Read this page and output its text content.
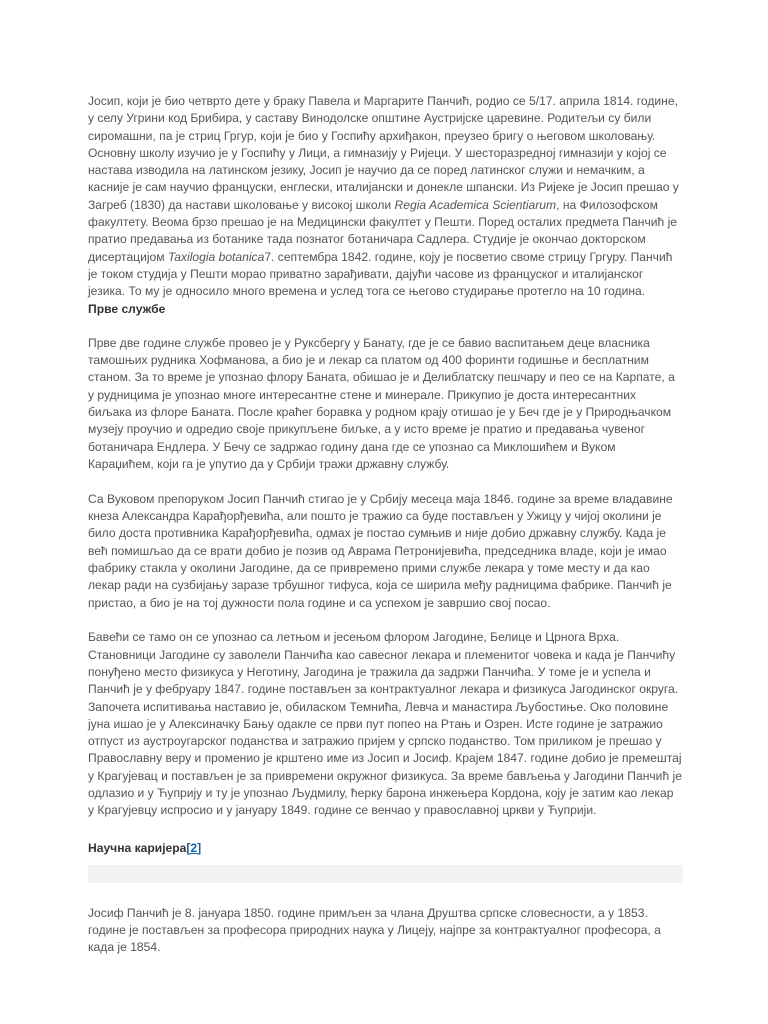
Јосип, који је био четврто дете у браку Павела и Маргарите Панчић, родио се 5/17. априла 1814. године, у селу Угрини код Брибира, у саставу Винодолске општине Аустријске царевине. Родитељи су били сиромашни, па је стриц Гргур, који је био у Госпићу архиђакон, преузео бригу о његовом школовању. Основну школу изучио је у Госпићу у Лици, а гимназију у Ријеци. У шесторазредној гимназији у којој се настава изводила на латинском језику, Јосип је научио да се поред латинског служи и немачким, а касније је сам научио француски, енглески, италијански и донекле шпански. Из Ријеке је Јосип прешао у Загреб (1830) да настави школовање у високој школи Regia Academica Scientiarum, на Филозофском факултету. Веома брзо прешао је на Медицински факултет у Пешти. Поред осталих предмета Панчић је пратио предавања из ботанике тада познатог ботаничара Садлера. Студије је окончао докторском дисертацијом Taxilogia botanica7. септембра 1842. године, коју је посветио своме стрицу Гргуру. Панчић је током студија у Пешти морао приватно зарађивати, дајући часове из француског и италијанског језика. То му је односило много времена и услед тога се његово студирање протегло на 10 година.

Прве службе

Прве две године службе провео је у Руксбергу у Банату, где је се бавио васпитањем деце власника тамошњих рудника Хофманова, а био је и лекар са платом од 400 форинти годишње и бесплатним станом. За то време је упознао флору Баната, обишао је и Делиблатску пешчару и пео се на Карпате, а у рудницима је упознао многе интересантне стене и минерале. Прикупио је доста интересантних биљака из флоре Баната. После краћег боравка у родном крају отишао је у Беч где је у Природњачком музеју проучио и одредио своје прикупљене биљке, а у исто време је пратио и предавања чувеног ботаничара Ендлера. У Бечу се задржао годину дана где се упознао са Миклошићем и Вуком Караџићем, који га је упутио да у Србији тражи државну службу.

Са Вуковом препоруком Јосип Панчић стигао је у Србију месеца маја 1846. године за време владавине кнеза Александра Карађорђевића, али пошто је тражио са буде постављен у Ужицу у чијој околини је било доста противника Карађорђевића, одмах је постао сумњив и није добио државну службу. Када је већ помишљао да се врати добио је позив од Аврама Петронијевића, председника владе, који је имао фабрику стакла у околини Јагодине, да се привремено прими службе лекара у томе месту и да као лекар ради на сузбијању заразе трбушног тифуса, која се ширила међу радницима фабрике. Панчић је пристао, а био је на тој дужности пола године и са успехом је завршио свој посао.

Бавећи се тамо он се упознао са летњом и јесењом флором Јагодине, Белице и Црнога Врха. Становници Јагодине су заволели Панчића као савесног лекара и племенитог човека и када је Панчићу понуђено место физикуса у Неготину, Јагодина је тражила да задржи Панчића. У томе је и успела и Панчић је у фебруару 1847. године постављен за контрактуалног лекара и физикуса Јагодинског округа. Започета испитивања наставио је, обиласком Темнића, Левча и манастира Љубостиње. Око половине јуна ишао је у Алексиначку Бању одакле се први пут попео на Ртањ и Озрен. Исте године је затражио отпуст из аустроугарског поданства и затражио пријем у српско поданство. Том приликом је прешао у Православну веру и променио је крштено име из Јосип и Јосиф. Крајем 1847. године добио је премештај у Крагујевац и постављен је за привремени окружног физикуса. За време бављења у Јагодини Панчић је одлазио и у Ћуприју и ту је упознао Људмилу, ћерку барона инжењера Кордона, коју је затим као лекар у Крагујевцу испросио и у јануару 1849. године се венчао у православној цркви у Ћуприји.

Научна каријера[2]

Јосиф Панчић је 8. јануара 1850. године примљен за члана Друштва српске словесности, а у 1853. године је постављен за професора природних наука у Лицеју, најпре за контрактуалног професора, а када је 1854.
